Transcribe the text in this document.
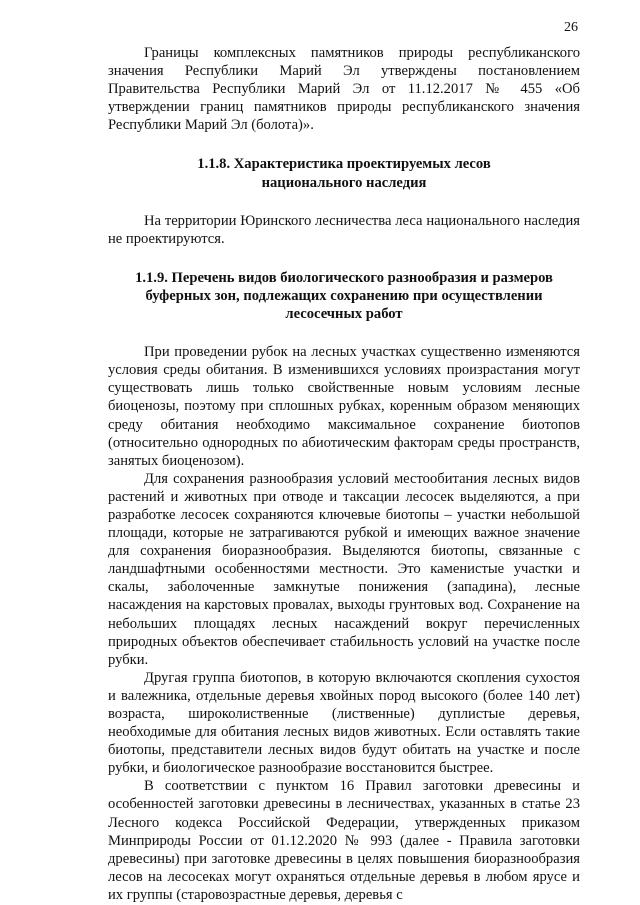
26

Границы комплексных памятников природы республиканского значения Республики Марий Эл утверждены постановлением Правительства Республики Марий Эл от 11.12.2017 № 455 «Об утверждении границ памятников природы республиканского значения Республики Марий Эл (болота)».

1.1.8. Характеристика проектируемых лесов
национального наследия

На территории Юринского лесничества леса национального наследия не проектируются.

1.1.9. Перечень видов биологического разнообразия и размеров
буферных зон, подлежащих сохранению при осуществлении
лесосечных работ

При проведении рубок на лесных участках существенно изменяются условия среды обитания. В изменившихся условиях произрастания могут существовать лишь только свойственные новым условиям лесные биоценозы, поэтому при сплошных рубках, коренным образом меняющих среду обитания необходимо максимальное сохранение биотопов (относительно однородных по абиотическим факторам среды пространств, занятых биоценозом).

Для сохранения разнообразия условий местообитания лесных видов растений и животных при отводе и таксации лесосек выделяются, а при разработке лесосек сохраняются ключевые биотопы – участки небольшой площади, которые не затрагиваются рубкой и имеющих важное значение для сохранения биоразнообразия. Выделяются биотопы, связанные с ландшафтными особенностями местности. Это каменистые участки и скалы, заболоченные замкнутые понижения (западина), лесные насаждения на карстовых провалах, выходы грунтовых вод. Сохранение на небольших площадях лесных насаждений вокруг перечисленных природных объектов обеспечивает стабильность условий на участке после рубки.

Другая группа биотопов, в которую включаются скопления сухостоя и валежника, отдельные деревья хвойных пород высокого (более 140 лет) возраста, широколиственные (лиственные) дуплистые деревья, необходимые для обитания лесных видов животных. Если оставлять такие биотопы, представители лесных видов будут обитать на участке и после рубки, и биологическое разнообразие восстановится быстрее.

В соответствии с пунктом 16 Правил заготовки древесины и особенностей заготовки древесины в лесничествах, указанных в статье 23 Лесного кодекса Российской Федерации, утвержденных приказом Минприроды России от 01.12.2020 № 993 (далее - Правила заготовки древесины) при заготовке древесины в целях повышения биоразнообразия лесов на лесосеках могут охраняться отдельные деревья в любом ярусе и их группы (старовозрастные деревья, деревья с
